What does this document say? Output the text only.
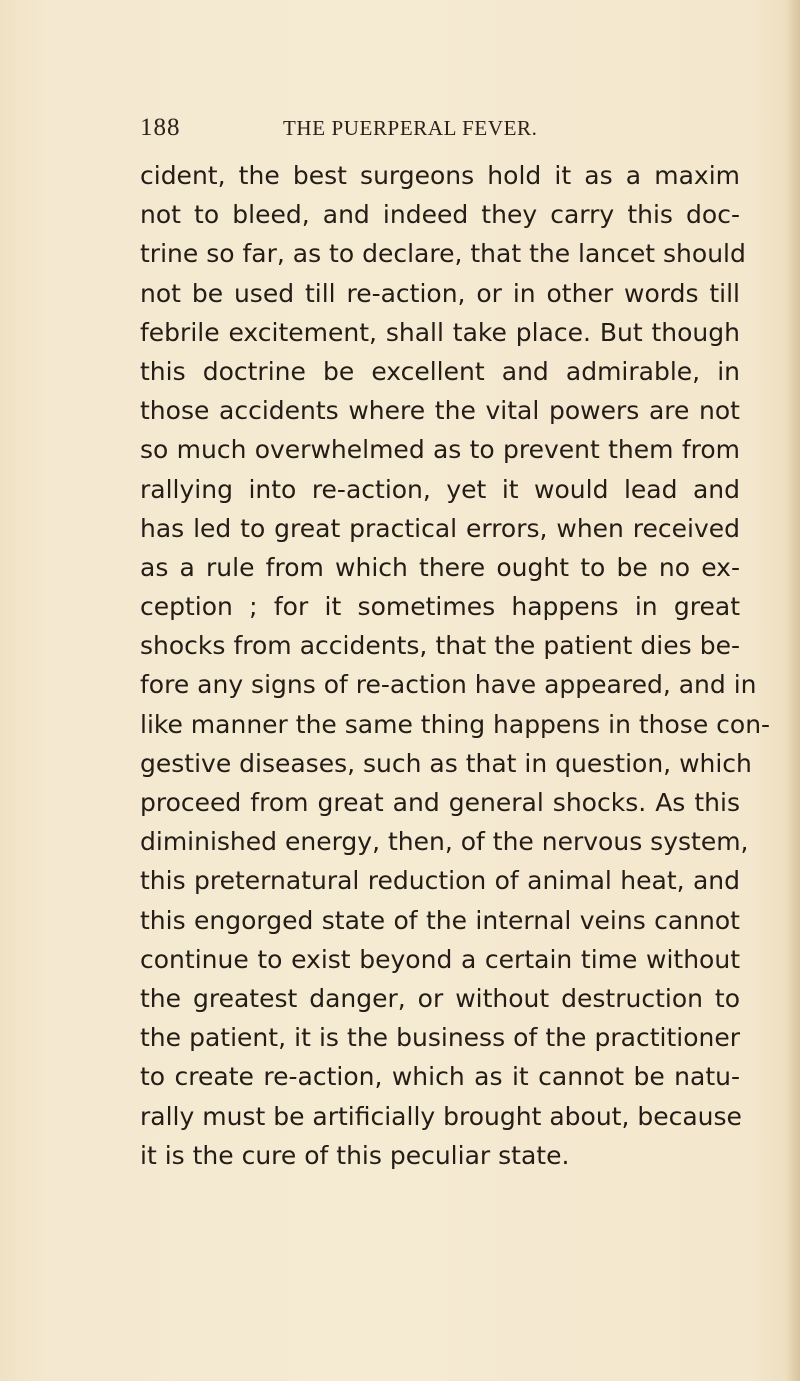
188	THE PUERPERAL FEVER.
cident, the best surgeons hold it as a maxim
not to bleed, and indeed they carry this doc-
trine so far, as to declare, that the lancet should
not be used till re-action, or in other words till
febrile excitement, shall take place. But though
this doctrine be excellent and admirable, in
those accidents where the vital powers are not
so much overwhelmed as to prevent them from
rallying into re-action, yet it would lead and
has led to great practical errors, when received
as a rule from which there ought to be no ex-
ception ; for it sometimes happens in great
shocks from accidents, that the patient dies be-
fore any signs of re-action have appeared, and in
like manner the same thing happens in those con-
gestive diseases, such as that in question, which
proceed from great and general shocks. As this
diminished energy, then, of the nervous system,
this preternatural reduction of animal heat, and
this engorged state of the internal veins cannot
continue to exist beyond a certain time without
the greatest danger, or without destruction to
the patient, it is the business of the practitioner
to create re-action, which as it cannot be natu-
rally must be artificially brought about, because
it is the cure of this peculiar state.
